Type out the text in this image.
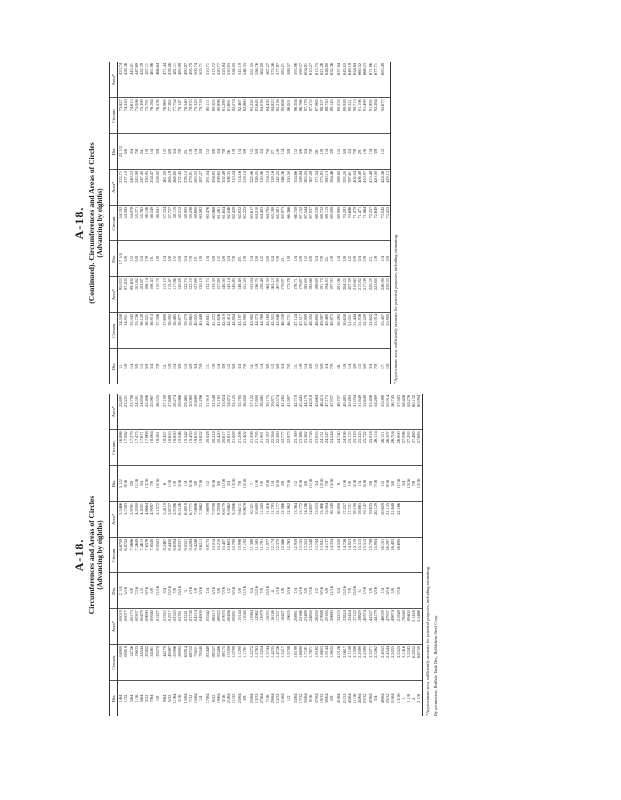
A-18. Circumferences and Areas of Circles (Advancing by eighths)
Dia.	Circum.	Area*	Dia.	Circum.	Area*	Dia.	Circum.	Area*
1/64	.04909	.00019	2 1/4	6.6759	3.5466	5 1/2	16.886	22.691
1/32	.09818	.00077	5/16	6.8722	3.7583	9/16	17.082	23.221
3/64	.14726	.00173	3/8	7.0686	3.9761	5/8	17.279	23.758
1/16	.19635	.00307	7/16	7.2649	4.2000	11/16	17.475	24.301
5/64	.24544	.00479	1/2	7.4613	4.4301	3/4	17.671	24.850
3/32	.29452	.00690	9/16	7.6576	4.6664	13/16	17.868	25.406
7/64	.34361	.00940	5/8	7.8540	4.9087	7/8	18.064	25.967
1/8	.39270	.01227	11/16	8.0503	5.1572	15/16	18.261	26.535
9/64	.44179	.01553	3/4	8.2467	5.4119	6.	18.457	27.109
5/32	.49087	.01917	13/16	8.4430	5.6727	1/16	18.653	27.688
11/64	.53996	.02320	7/8	8.6394	5.9396	1/8	18.850	28.274
3/16	.58905	.02761	15/16	8.8357	6.2126	3/16	19.046	28.866
13/64	.63814	.03241	3.	9.0321	6.4918	1/4	19.242	29.465
7/32	.68722	.03758	1/16	9.2284	6.7771	5/16	19.439	30.069
15/64	.73631	.04314	1/8	9.4248	7.0686	3/8	19.635	30.680
1/4	.78540	.04909	3/16	9.6211	7.3662	7/16	19.832	31.296
17/64	.83449	.05542	1/4	9.8175	7.6699	1/2	20.028	31.919
9/32	.88357	.06213	5/16	10.014	7.9798	9/16	20.224	32.548
19/64	.93266	.06922	3/8	10.210	8.2958	5/8	20.420	33.183
5/16	.98175	.07670	7/16	10.407	8.6179	11/16	20.617	33.824
21/64	1.0308	.08456	1/2	10.603	8.9462	3/4	20.813	34.472
11/32	1.0799	.09281	9/16	10.799	9.2806	13/16	21.009	35.125
23/64	1.1290	.10144	5/8	10.996	9.6211	7/8	21.206	35.785
3/8	1.1781	.11045	11/16	11.192	9.9678	15/16	21.402	36.450
25/64	1.2272	.11984	3/4	11.388	10.321	7.	21.598	37.122
13/32	1.2763	.12962	13/16	11.585	10.680	1/16	21.795	37.800
27/64	1.3254	.13979	7/8	11.781	11.045	1/8	21.991	38.485
7/16	1.3744	.15033	15/16	11.977	11.416	3/16	22.187	39.175
29/64	1.4235	.16126	4.	12.174	11.793	1/4	22.384	39.871
15/32	1.4726	.17257	1/16	12.370	12.177	5/16	22.580	40.574
31/64	1.5217	.18427	1/8	12.566	12.566	3/8	22.777	41.282
1/2	1.5708	.19635	3/16	12.763	12.962	7/16	22.973	41.997
33/64	1.6199	.20881	1/4	12.959	13.364	1/2	23.169	42.718
17/32	1.6690	.22166	5/16	13.155	13.772	9/16	23.366	43.445
35/64	1.7181	.23489	3/8	13.352	14.186	5/8	23.562	44.179
9/16	1.7671	.24850	7/16	13.548	14.607	11/16	23.758	44.918
37/64	1.8162	.26250	1/2	13.744	15.033	3/4	23.955	45.664
19/32	1.8653	.27688	9/16	13.941	15.466	13/16	24.151	46.415
39/64	1.9144	.29165	5/8	14.137	15.904	7/8	24.347	47.173
5/8	1.9635	.30680	11/16	14.334	16.349	15/16	24.544	47.937
41/64	2.0126	.32233	3/4	14.530	16.800	8.	24.740	48.707
21/32	2.0617	.33824	13/16	14.726	17.257	1/16	24.936	49.483
43/64	2.1108	.35454	7/8	14.923	17.721	1/8	25.133	50.265
11/16	2.1598	.37122	15/16	15.119	18.190	3/16	25.329	51.054
45/64	2.2089	.38829	5.	15.315	18.665	1/4	25.525	51.849
23/32	2.2580	.40574	1/16	15.512	19.147	5/16	25.722	52.649
47/64	2.3071	.42357	1/8	15.708	19.635	3/8	25.918	53.456
3/4	2.3562	.44179	3/16	15.904	20.129	7/16	26.114	54.269
49/64	2.4053	.46039	1/4	16.101	20.629	1/2	26.311	55.088
25/32	2.4544	.47937	5/16	16.297	21.135	9/16	26.507	55.914
51/64	2.5035	.49874	3/8	16.493	21.648	5/8	26.704	56.745
13/16	2.5525	.51849	7/16	16.690	22.166	11/16	26.900	57.583
1.	3.1416	.78540				3/4	27.096	58.426
1 1/8	3.5343	.99402				13/16	27.293	59.276
2.	6.2832	3.1416				7/8	27.489	60.132
2 1/8	6.6759	3.5466				15/16	27.685	60.994
*Approximate area, sufficiently accurate for practical purposes, including estimating. By permission, Buffalo Tank Div., Bethlehem Steel Corp.
A-18. (Continued). Circumferences and Areas of Circles (Advancing by eighths)
Dia.	Circum.	Area*	Dia.	Circum.	Area*	Dia.	Circum.	Area*
11.	34.558	95.033	17 1/4	54.192	233.71	23 1/2	73.827	433.74
1/8	34.951	97.205	3/8	54.585	237.10	5/8	74.220	438.36
1/4	35.343	99.402	1/2	54.978	240.53	3/4	74.613	443.01
3/8	35.736	101.62	5/8	55.371	243.98	7/8	75.006	447.69
1/2	36.128	103.87	3/4	55.763	247.45	24.	75.398	452.39
5/8	36.521	106.14	7/8	56.156	250.95	1/8	75.791	457.11
3/4	36.914	108.43	18.	56.549	254.47	1/4	76.184	461.86
7/8	37.306	110.75	1/8	56.941	258.02	3/8	76.576	466.64
12.	37.699	113.10	1/4	57.334	261.59	1/2	76.969	471.44
1/8	38.092	115.47	3/8	57.727	265.18	5/8	77.362	476.26
1/4	38.485	117.86	1/2	58.119	268.80	3/4	77.754	481.11
3/8	38.877	120.28	5/8	58.512	272.45	7/8	78.147	485.98
1/2	39.270	122.72	3/4	58.905	276.12	25.	78.540	490.87
5/8	39.663	125.19	7/8	59.298	279.81	1/8	78.933	495.79
3/4	40.055	127.68	19.	59.690	283.53	1/4	79.325	500.74
7/8	40.448	130.19	1/8	60.083	287.27	3/8	79.718	505.71
13.	40.841	132.73	1/4	60.476	291.04	1/2	80.111	510.71
1/8	41.233	135.30	3/8	60.868	294.83	5/8	80.503	515.72
1/4	41.626	137.89	1/2	61.261	298.65	3/4	80.896	520.77
3/8	42.019	140.50	5/8	61.654	302.49	7/8	81.289	525.84
1/2	42.412	143.14	3/4	62.046	306.35	26.	81.681	530.93
5/8	42.804	145.80	7/8	62.439	310.24	1/8	82.074	536.05
3/4	43.197	148.49	20.	62.832	314.16	1/4	82.467	541.19
7/8	43.590	151.20	1/8	63.225	318.10	3/8	82.860	546.35
14.	43.982	153.94	1/4	63.617	322.06	1/2	83.252	551.55
1/8	44.375	156.70	3/8	64.010	326.05	5/8	83.645	556.76
1/4	44.768	159.48	1/2	64.403	330.06	3/4	84.038	562.00
3/8	45.160	162.30	5/8	64.795	334.10	7/8	84.430	567.27
1/2	45.553	165.13	3/4	65.188	338.16	27.	84.823	572.56
5/8	45.946	167.99	7/8	65.581	342.25	1/8	85.216	577.87
3/4	46.338	170.87	21.	65.973	346.36	1/4	85.608	583.21
7/8	46.731	173.78	1/8	66.366	350.50	3/8	86.001	588.57
15.	47.124	176.71	1/4	66.759	354.66	1/2	86.394	593.96
1/8	47.517	179.67	3/8	67.152	358.84	5/8	86.786	599.37
1/4	47.909	182.65	1/2	67.544	363.05	3/4	87.179	604.81
3/8	48.302	185.66	5/8	67.937	367.28	7/8	87.572	610.27
1/2	48.695	188.69	3/4	68.330	371.54	28.	87.965	615.75
5/8	49.087	191.75	7/8	68.722	375.83	1/8	88.357	621.26
3/4	49.480	194.83	22.	69.115	380.13	1/4	88.750	626.80
7/8	49.873	197.93	1/8	69.508	384.46	3/8	89.143	632.36
16.	50.265	201.06	1/4	69.900	388.82	1/2	89.535	637.94
1/8	50.658	204.22	3/8	70.293	393.20	5/8	89.928	643.55
1/4	51.051	207.39	1/2	70.686	397.61	3/4	90.321	649.18
3/8	51.444	210.60	5/8	71.079	402.04	7/8	90.713	654.84
1/2	51.836	213.82	3/4	71.471	406.49	29.	91.106	660.52
5/8	52.229	217.08	7/8	71.864	410.97	1/8	91.499	666.23
3/4	52.622	220.35	23.	72.257	415.48	1/4	91.892	671.96
7/8	53.014	223.65	1/8	72.649	420.00	3/8	92.284	677.71
17.	53.407	226.98	1/4	73.042	424.56	1/2	92.677	683.49
1/8	53.800	230.33	3/8	73.435	429.13			
*Approximate area, sufficiently accurate for practical purposes, including estimating.
